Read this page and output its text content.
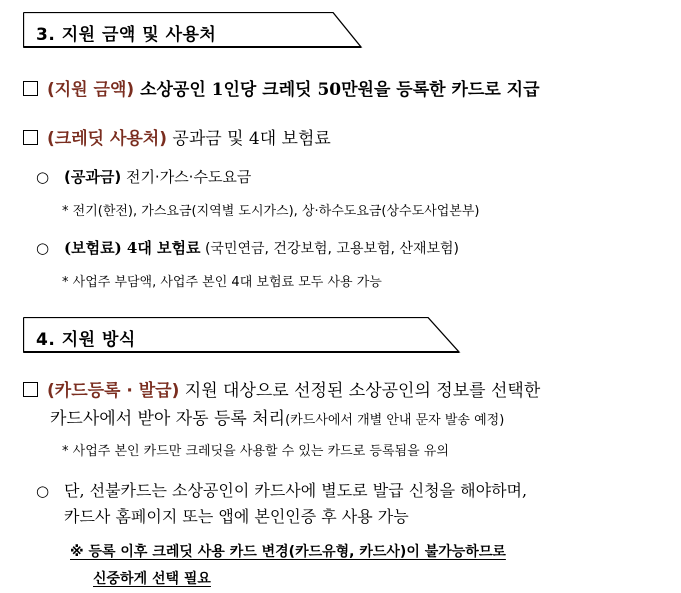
3. 지원 금액 및 사용처
(지원 금액) 소상공인 1인당 크레딧 50만원을 등록한 카드로 지급
(크레딧 사용처) 공과금 및 4대 보험료
○ (공과금) 전기·가스·수도요금
* 전기(한전), 가스요금(지역별 도시가스), 상·하수도요금(상수도사업본부)
○ (보험료) 4대 보험료 (국민연금, 건강보험, 고용보험, 산재보험)
* 사업주 부담액, 사업주 본인 4대 보험료 모두 사용 가능
4. 지원 방식
(카드등록 · 발급) 지원 대상으로 선정된 소상공인의 정보를 선택한
카드사에서 받아 자동 등록 처리(카드사에서 개별 안내 문자 발송 예정)
* 사업주 본인 카드만 크레딧을 사용할 수 있는 카드로 등록됨을 유의
○ 단, 선불카드는 소상공인이 카드사에 별도로 발급 신청을 해야하며,
카드사 홈페이지 또는 앱에 본인인증 후 사용 가능
※ 등록 이후 크레딧 사용 카드 변경(카드유형, 카드사)이 불가능하므로
신중하게 선택 필요
